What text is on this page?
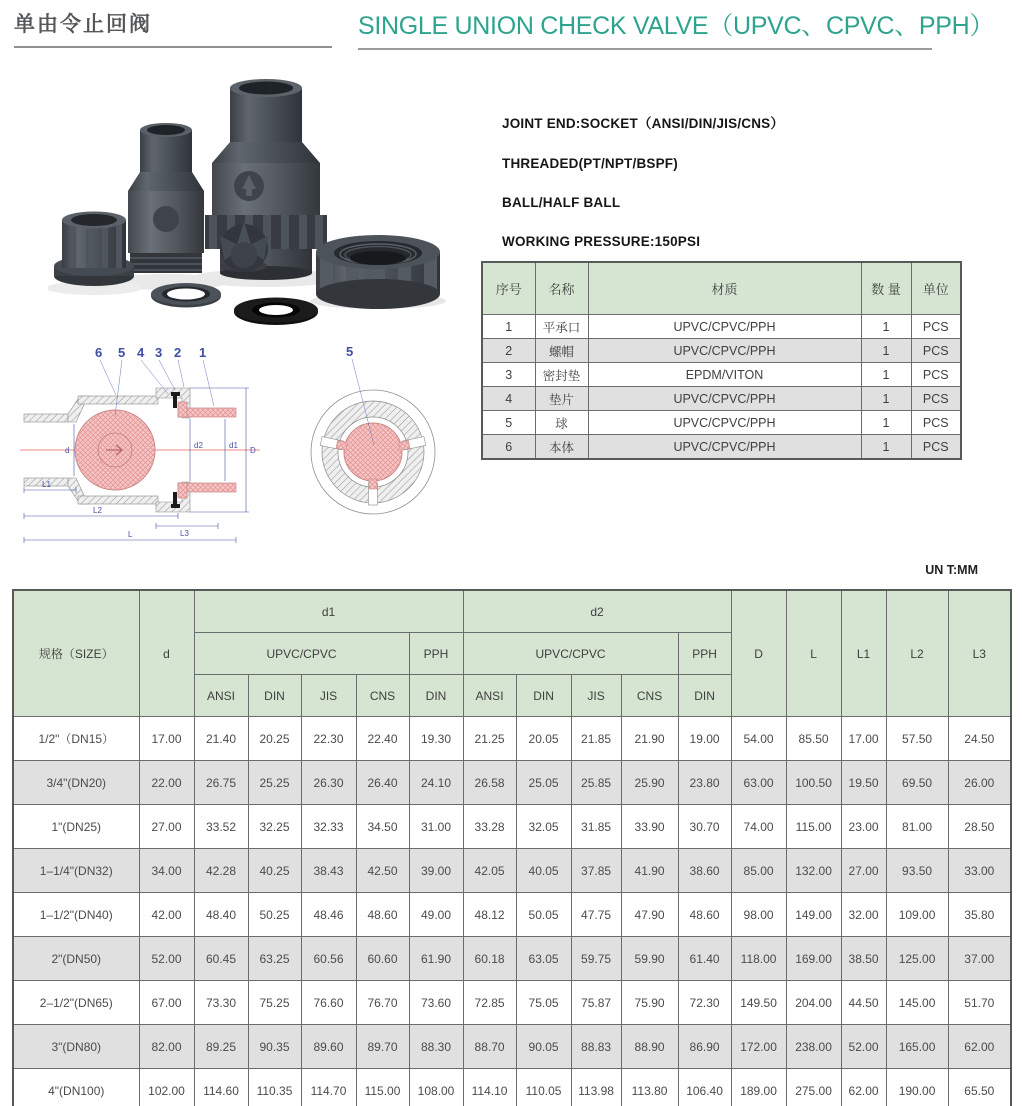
单由令止回阀	SINGLE UNION CHECK VALVE（UPVC、CPVC、PPH）
JOINT END:SOCKET（ANSI/DIN/JIS/CNS）
THREADED(PT/NPT/BSPF)
BALL/HALF BALL
WORKING PRESSURE:150PSI
序号	名称	材质	数 量	单位
1	平承口	UPVC/CPVC/PPH	1	PCS
2	螺帽	UPVC/CPVC/PPH	1	PCS
3	密封垫	EPDM/VITON	1	PCS
4	垫片	UPVC/CPVC/PPH	1	PCS
5	球	UPVC/CPVC/PPH	1	PCS
6	本体	UPVC/CPVC/PPH	1	PCS
d
d2	d1
D
L1
L2
L3
L
6 5 4 3 2 1	5
UN T:MM
规格（SIZE）	d	d1					d2					D	L	L1	L2	L3
		UPVC/CPVC				PPH	UPVC/CPVC				PPH					
		ANSI	DIN	JIS	CNS	DIN	ANSI	DIN	JIS	CNS	DIN					
1/2"（DN15）	17.00	21.40	20.25	22.30	22.40	19.30	21.25	20.05	21.85	21.90	19.00	54.00	85.50	17.00	57.50	24.50
3/4"(DN20)	22.00	26.75	25.25	26.30	26.40	24.10	26.58	25.05	25.85	25.90	23.80	63.00	100.50	19.50	69.50	26.00
1"(DN25)	27.00	33.52	32.25	32.33	34.50	31.00	33.28	32.05	31.85	33.90	30.70	74.00	115.00	23.00	81.00	28.50
1–1/4"(DN32)	34.00	42.28	40.25	38.43	42.50	39.00	42.05	40.05	37.85	41.90	38.60	85.00	132.00	27.00	93.50	33.00
1–1/2"(DN40)	42.00	48.40	50.25	48.46	48.60	49.00	48.12	50.05	47.75	47.90	48.60	98.00	149.00	32.00	109.00	35.80
2"(DN50)	52.00	60.45	63.25	60.56	60.60	61.90	60.18	63.05	59.75	59.90	61.40	118.00	169.00	38.50	125.00	37.00
2–1/2"(DN65)	67.00	73.30	75.25	76.60	76.70	73.60	72.85	75.05	75.87	75.90	72.30	149.50	204.00	44.50	145.00	51.70
3"(DN80)	82.00	89.25	90.35	89.60	89.70	88.30	88.70	90.05	88.83	88.90	86.90	172.00	238.00	52.00	165.00	62.00
4"(DN100)	102.00	114.60	110.35	114.70	115.00	108.00	114.10	110.05	113.98	113.80	106.40	189.00	275.00	62.00	190.00	65.50
